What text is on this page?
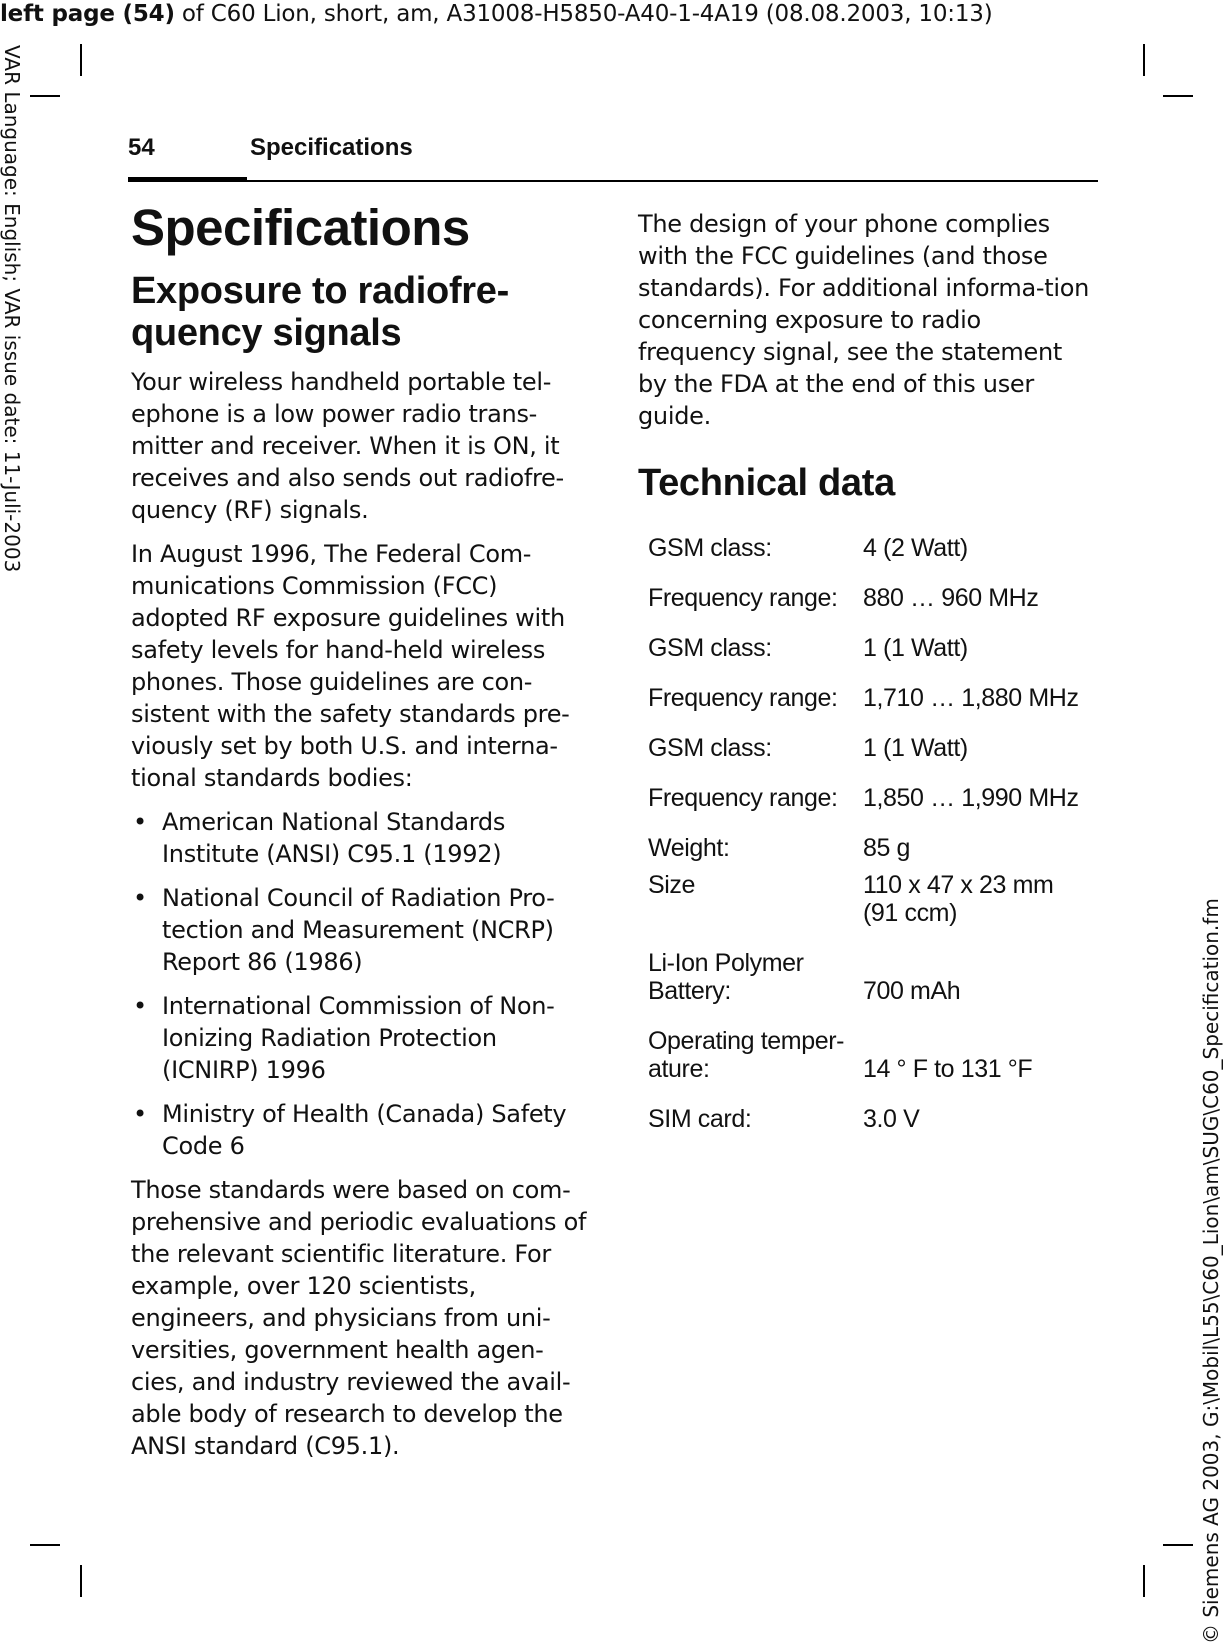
left page (54) of C60 Lion, short, am, A31008-H5850-A40-1-4A19 (08.08.2003, 10:13)
VAR Language: English; VAR issue date: 11-Juli-2003
© Siemens AG 2003, G:\Mobil\L55\C60_Lion\am\SUG\C60_Specification.fm
54	Specifications
Specifications
Exposure to radiofre-quency signals

Your wireless handheld portable tel-ephone is a low power radio trans-mitter and receiver. When it is ON, it receives and also sends out radiofre-quency (RF) signals.

In August 1996, The Federal Com-munications Commission (FCC) adopted RF exposure guidelines with safety levels for hand-held wireless phones. Those guidelines are con-sistent with the safety standards pre-viously set by both U.S. and interna-tional standards bodies:

• American National Standards Institute (ANSI) C95.1 (1992)
• National Council of Radiation Pro-tection and Measurement (NCRP) Report 86 (1986)
• International Commission of Non-Ionizing Radiation Protection (ICNIRP) 1996
• Ministry of Health (Canada) Safety Code 6

Those standards were based on com-prehensive and periodic evaluations of the relevant scientific literature. For example, over 120 scientists, engineers, and physicians from uni-versities, government health agen-cies, and industry reviewed the avail-able body of research to develop the ANSI standard (C95.1).

The design of your phone complies with the FCC guidelines (and those standards). For additional informa-tion concerning exposure to radio frequency signal, see the statement by the FDA at the end of this user guide.

Technical data
GSM class:	4 (2 Watt)
Frequency range:	880 … 960 MHz
GSM class:	1 (1 Watt)
Frequency range:	1,710 … 1,880 MHz
GSM class:	1 (1 Watt)
Frequency range:	1,850 … 1,990 MHz
Weight:	85 g
Size	110 x 47 x 23 mm
(91 ccm)

Li-Ion Polymer
Battery:	700 mAh

Operating temper-
ature:	14 ° F to 131 °F
SIM card:	3.0 V
